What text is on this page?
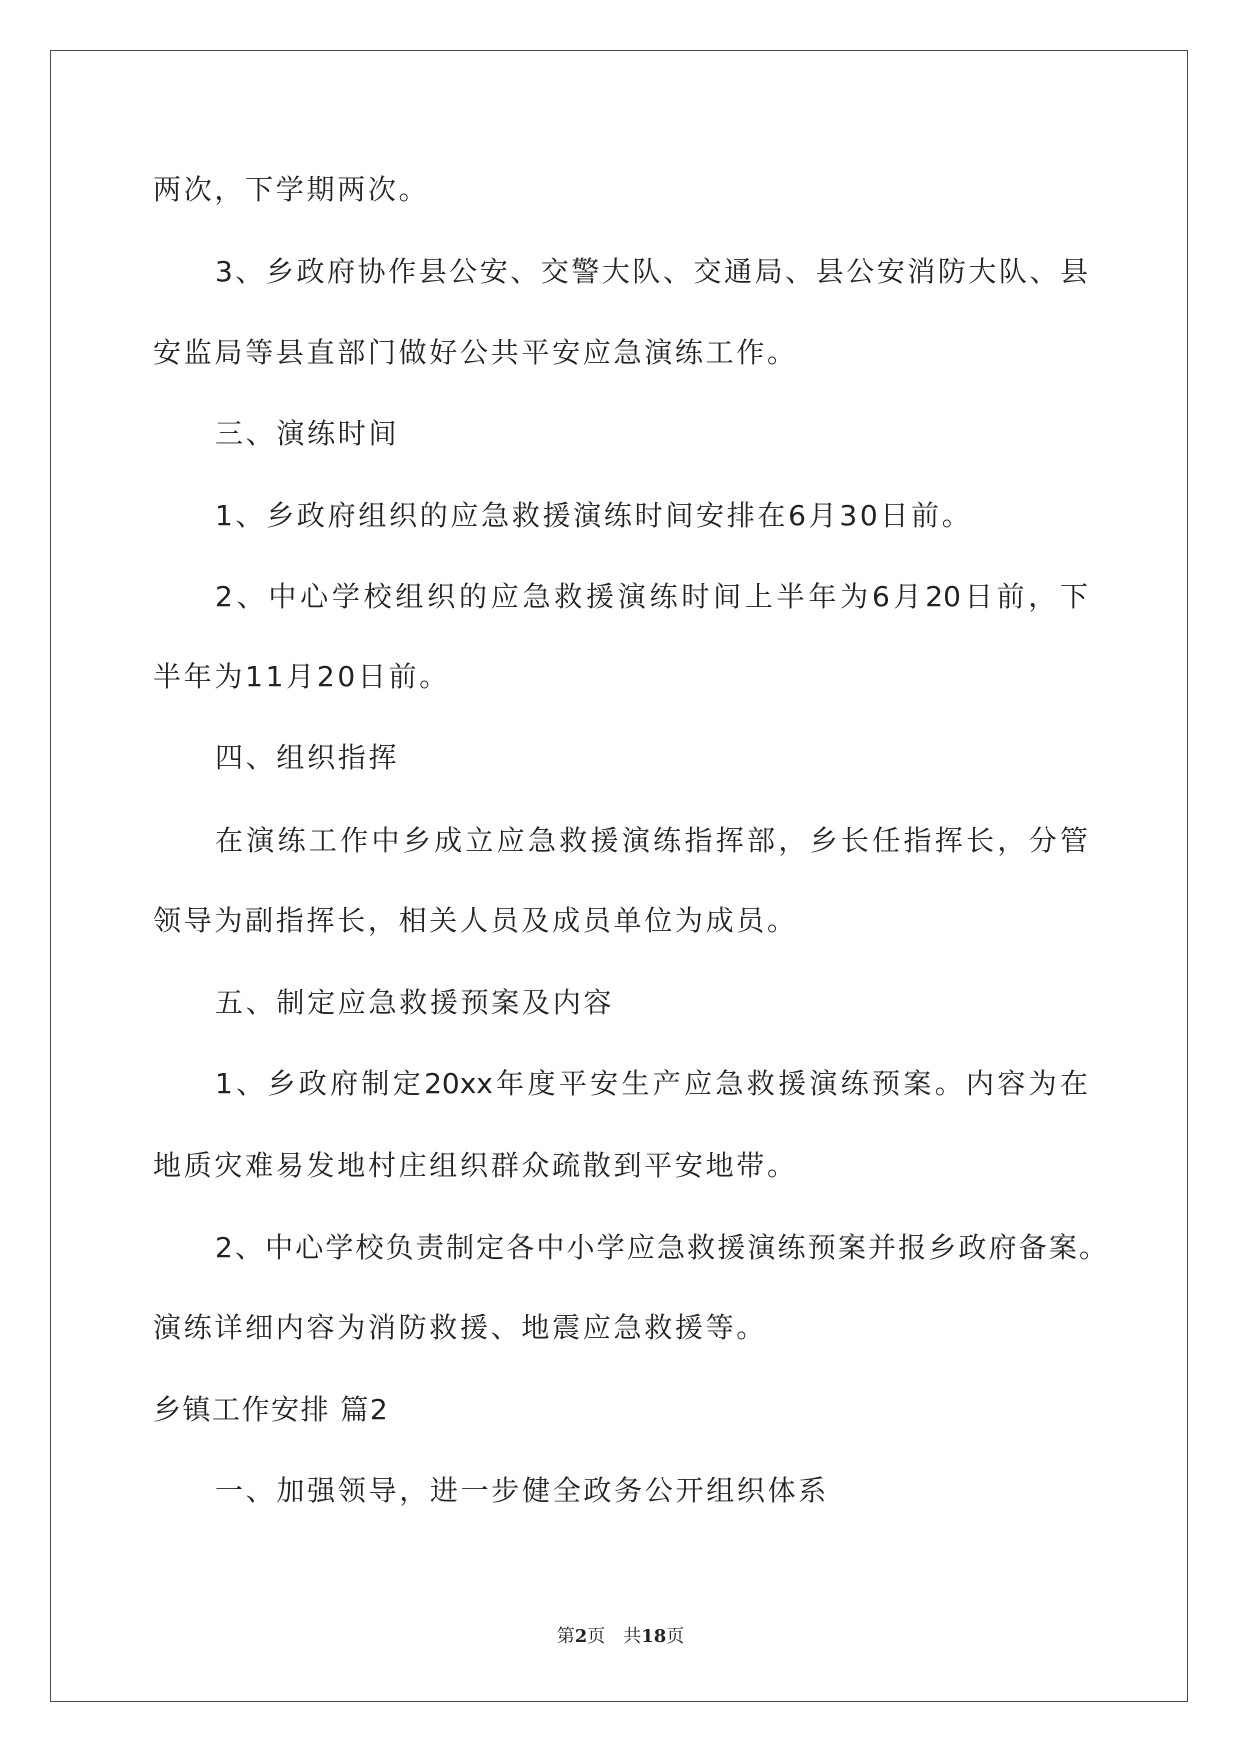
两次，下学期两次。
3、乡政府协作县公安、交警大队、交通局、县公安消防大队、县
安监局等县直部门做好公共平安应急演练工作。
三、演练时间
1、乡政府组织的应急救援演练时间安排在6月30日前。
2、中心学校组织的应急救援演练时间上半年为6月20日前，下
半年为11月20日前。
四、组织指挥
在演练工作中乡成立应急救援演练指挥部，乡长任指挥长，分管
领导为副指挥长，相关人员及成员单位为成员。
五、制定应急救援预案及内容
1、乡政府制定20xx年度平安生产应急救援演练预案。内容为在
地质灾难易发地村庄组织群众疏散到平安地带。
2、中心学校负责制定各中小学应急救援演练预案并报乡政府备案。
演练详细内容为消防救援、地震应急救援等。
乡镇工作安排 篇2
一、加强领导，进一步健全政务公开组织体系
第2页 共18页
